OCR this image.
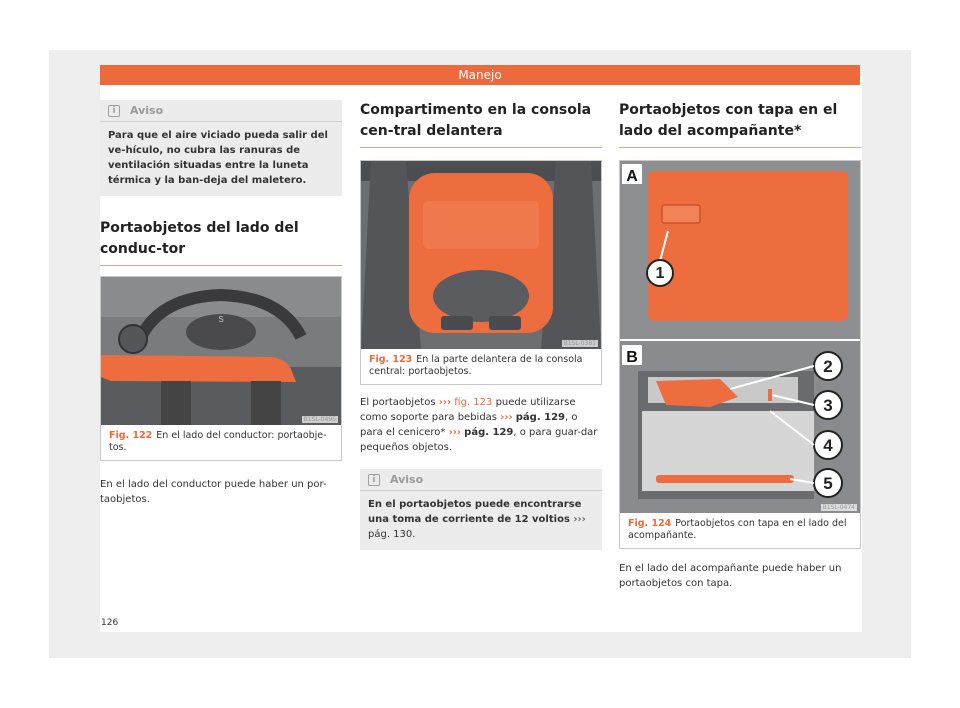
Manejo
i	Aviso
Para que el aire viciado pueda salir del ve-hículo, no cubra las ranuras de ventilación situadas entre la luneta térmica y la ban-deja del maletero.
Portaobjetos del lado del conduc-tor
S
B1SL-0495
Fig. 122 En el lado del conductor: portaobje-tos.
En el lado del conductor puede haber un por-taobjetos.
Compartimento en la consola cen-tral delantera
B1SL-0381
Fig. 123 En la parte delantera de la consola central: portaobjetos.
El portaobjetos ››› fig. 123 puede utilizarse como soporte para bebidas ››› pág. 129, o para el cenicero* ››› pág. 129, o para guar-dar pequeños objetos.
i	Aviso
En el portaobjetos puede encontrarse una toma de corriente de 12 voltios ››› pág. 130.
Portaobjetos con tapa en el lado del acompañante*
1
A
2
3
4
5
B
B1SL-0474
Fig. 124 Portaobjetos con tapa en el lado del acompañante.
En el lado del acompañante puede haber un portaobjetos con tapa.
126
